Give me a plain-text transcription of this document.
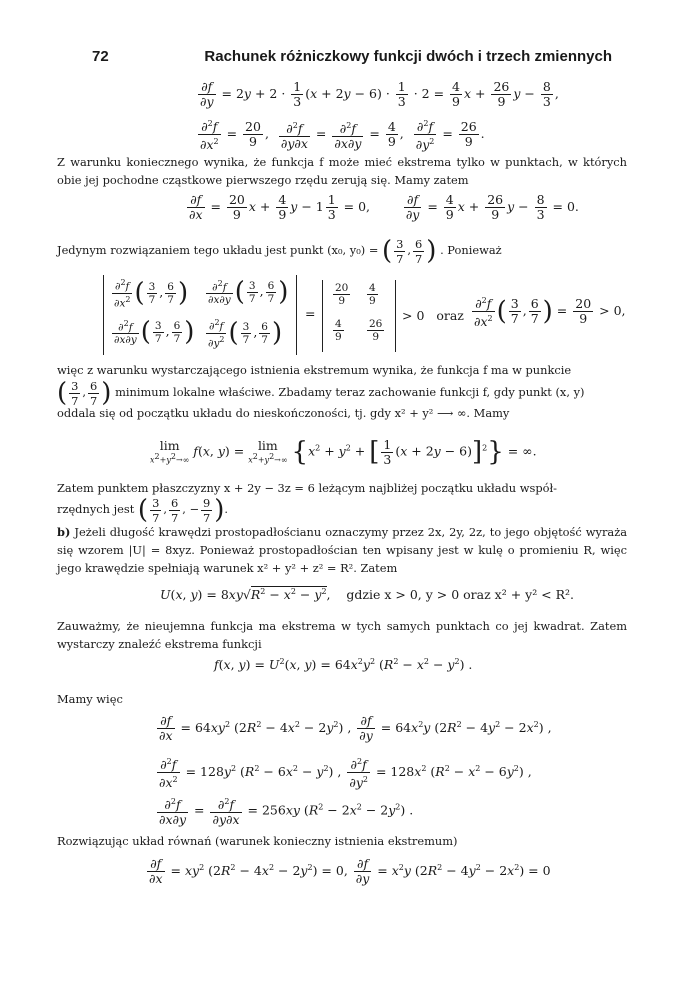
72	Rachunek różniczkowy funkcji dwóch i trzech zmiennych
$\frac{\partial f}{\partial y} = 2y + 2 \cdot \frac{1}{3} (x + 2y - 6) \cdot \frac{1}{3} \cdot 2 = \frac{4}{9}$ $x + \frac{26}{9}$ $y - \frac{8}{3}$ ,
$\frac{\partial^2f}{\partial x^2} = \frac{20}{9}$ , $\frac{\partial^2f}{\partial y\partial x} = \frac{\partial^2f}{\partial x\partial y} = \frac{4}{9}$ , $\frac{\partial^2f}{\partial y^2} = \frac{26}{9}$ .
Z warunku koniecznego wynika, że funkcja f może mieć ekstrema tylko w punktach, w których obie jej pochodne cząstkowe pierwszego rzędu zerują się. Mamy zatem
$\frac{\partial f}{\partial x} = \frac{20}{9}$ $x + \frac{4}{9}$ $y - 1 \frac{1}{3} = 0$, $\frac{\partial f}{\partial y} = \frac{4}{9}$ $x + \frac{26}{9}$ $y - \frac{8}{3} = 0$.
Jedynym rozwiązaniem tego układu jest punkt (x₀, y₀) = ( $\frac{3}{7}$ , $\frac{6}{7}$ ) . Ponieważ
$\frac{\partial^2f}{\partial x^2}$ ( $\frac{3}{7}$ , $\frac{6}{7}$ ) $\frac{\partial^2f}{\partial x\partial y}$ ( $\frac{3}{7}$ , $\frac{6}{7}$ )
$\frac{\partial^2f}{\partial x\partial y}$ ( $\frac{3}{7}$ , $\frac{6}{7}$ ) $\frac{\partial^2f}{\partial y^2}$ ( $\frac{3}{7}$ , $\frac{6}{7}$ )
=
$\frac{20}{9} \frac{4}{9}$
$\frac{4}{9} \frac{26}{9}$
> 0   oraz $\frac{\partial^2f}{\partial x^2}$ ( $\frac{3}{7}$ , $\frac{6}{7}$ ) = $\frac{20}{9} > 0$,
więc z warunku wystarczającego istnienia ekstremum wynika, że funkcja f ma w punkcie
( $\frac{3}{7}$ , $\frac{6}{7}$ ) minimum lokalne właściwe. Zbadamy teraz zachowanie funkcji f, gdy punkt (x, y)
oddala się od początku układu do nieskończoności, tj. gdy x² + y² ⟶ ∞. Mamy
lim
$x^2+y^2\to\infty$
f(x, y) = lim
$x^2+y^2\to\infty$ {$x^2 + y^2$ + [ $\frac{1}{3} (x + 2y - 6)]^2$} = ∞.
Zatem punktem płaszczyzny x + 2y − 3z = 6 leżącym najbliżej początku układu współ-
rzędnych jest ( $\frac{3}{7}$ , $\frac{6}{7}$ , − $\frac{9}{7}$ ).
b) Jeżeli długość krawędzi prostopadłościanu oznaczymy przez 2x, 2y, 2z, to jego objętość wyraża się wzorem |U| = 8xyz. Ponieważ prostopadłościan ten wpisany jest w kulę o promieniu R, więc jego krawędzie spełniają warunek x² + y² + z² = R². Zatem
U(x, $y) = 8xy√R^2 - x^2 - y^2$,    gdzie x > 0, y > 0 oraz x² + y² < R².
Zauważmy, że nieujemna funkcja ma ekstrema w tych samych punktach co jej kwadrat. Zatem wystarczy znaleźć ekstrema funkcji
f(x, $y) = U^2(x$, $y) = 64x^2y^2$ $(R^2 - x^2 - y^2)$ .
Mamy więc
$\frac{\partial f}{\partial x} = 64xy^2$ $(2R^2 - 4x^2 - 2y^2)$ , $\frac{\partial f}{\partial y} = 64x^2y$ $(2R^2 - 4y^2 - 2x^2)$ ,
$\frac{\partial^2f}{\partial x^2} = 128y^2$ $(R^2 - 6x^2 - y^2)$ , $\frac{\partial^2f}{\partial y^2} = 128x^2$ $(R^2 - x^2 - 6y^2)$ ,
$\frac{\partial^2f}{\partial x\partial y} = \frac{\partial^2f}{\partial y\partial x} = 256xy$ $(R^2 - 2x^2 - 2y^2)$ .
Rozwiązując układ równań (warunek konieczny istnienia ekstremum)
$\frac{\partial f}{\partial x} = xy^2$ $(2R^2 - 4x^2 - 2y^2) = 0$, $\frac{\partial f}{\partial y} = x^2y$ $(2R^2 - 4y^2 - 2x^2) = 0$
